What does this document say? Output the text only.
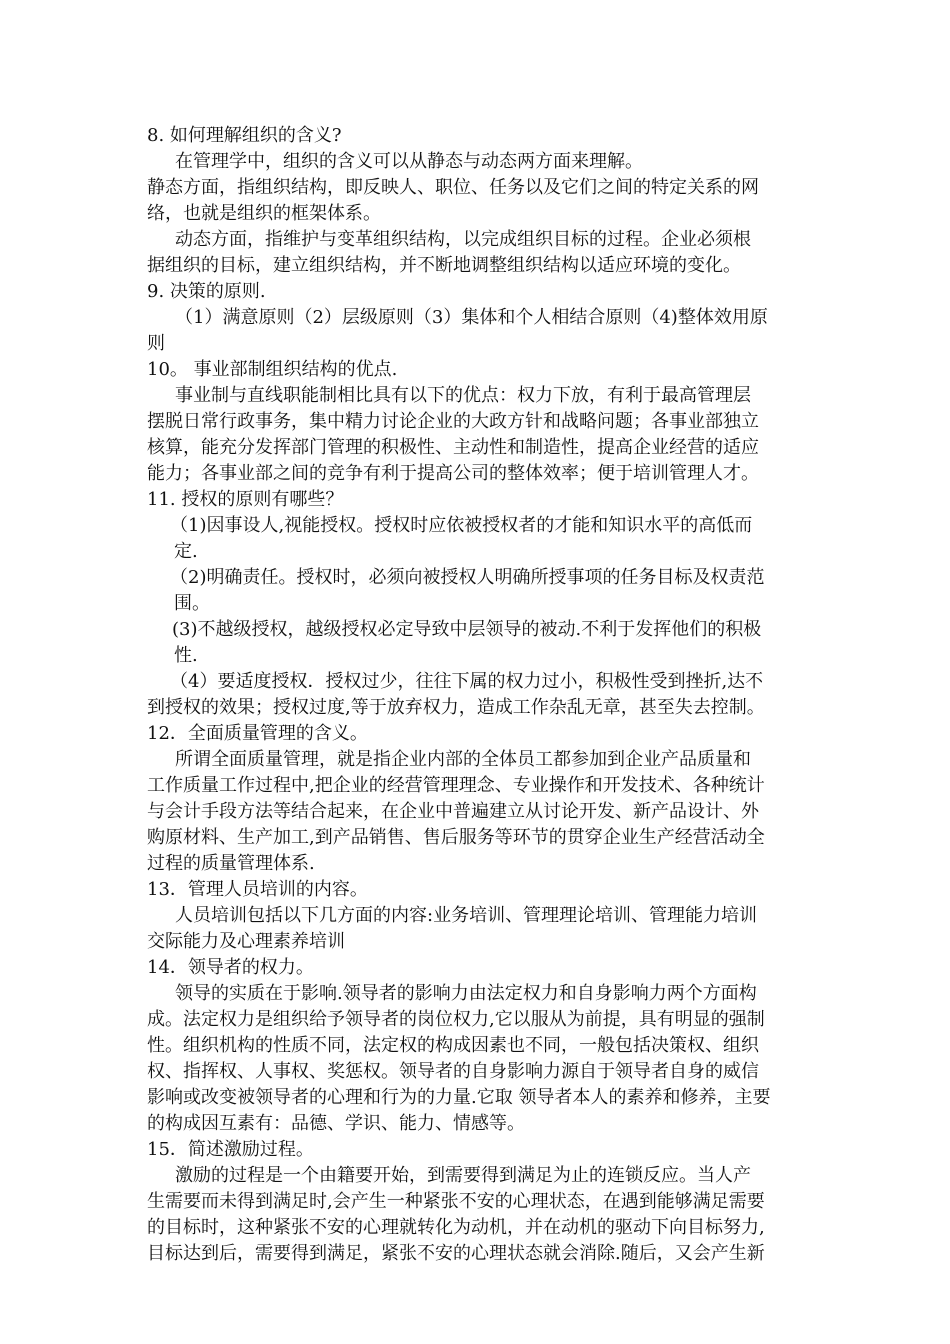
8. 如何理解组织的含义?
在管理学中，组织的含义可以从静态与动态两方面来理解。
静态方面，指组织结构，即反映人、职位、任务以及它们之间的特定关系的网
络，也就是组织的框架体系。
动态方面，指维护与变革组织结构，以完成组织目标的过程。企业必须根
据组织的目标，建立组织结构，并不断地调整组织结构以适应环境的变化。
9. 决策的原则.
（1）满意原则（2）层级原则（3）集体和个人相结合原则（4)整体效用原
则
10。 事业部制组织结构的优点.
事业制与直线职能制相比具有以下的优点：权力下放，有利于最高管理层
摆脱日常行政事务，集中精力讨论企业的大政方针和战略问题；各事业部独立
核算，能充分发挥部门管理的积极性、主动性和制造性，提高企业经营的适应
能力；各事业部之间的竞争有利于提高公司的整体效率；便于培训管理人才。
11. 授权的原则有哪些？
（1)因事设人,视能授权。授权时应依被授权者的才能和知识水平的高低而
定.
（2)明确责任。授权时，必须向被授权人明确所授事项的任务目标及权责范
围。
(3)不越级授权，越级授权必定导致中层领导的被动.不利于发挥他们的积极
性.
（4）要适度授权．授权过少，往往下属的权力过小，积极性受到挫折,达不
到授权的效果；授权过度,等于放弃权力，造成工作杂乱无章，甚至失去控制。
12．全面质量管理的含义。
所谓全面质量管理，就是指企业内部的全体员工都参加到企业产品质量和
工作质量工作过程中,把企业的经营管理理念、专业操作和开发技术、各种统计
与会计手段方法等结合起来，在企业中普遍建立从讨论开发、新产品设计、外
购原材料、生产加工,到产品销售、售后服务等环节的贯穿企业生产经营活动全
过程的质量管理体系.
13．管理人员培训的内容。
人员培训包括以下几方面的内容:业务培训、管理理论培训、管理能力培训
交际能力及心理素养培训
14．领导者的权力。
领导的实质在于影响.领导者的影响力由法定权力和自身影响力两个方面构
成。法定权力是组织给予领导者的岗位权力,它以服从为前提，具有明显的强制
性。组织机构的性质不同，法定权的构成因素也不同，一般包括决策权、组织
权、指挥权、人事权、奖惩权。领导者的自身影响力源自于领导者自身的威信
影响或改变被领导者的心理和行为的力量.它取 领导者本人的素养和修养，主要
的构成因互素有：品德、学识、能力、情感等。
15．简述激励过程。
激励的过程是一个由籍要开始，到需要得到满足为止的连锁反应。当人产
生需要而未得到满足时,会产生一种紧张不安的心理状态，在遇到能够满足需要
的目标时，这种紧张不安的心理就转化为动机，并在动机的驱动下向目标努力,
目标达到后，需要得到满足，紧张不安的心理状态就会消除.随后，又会产生新
